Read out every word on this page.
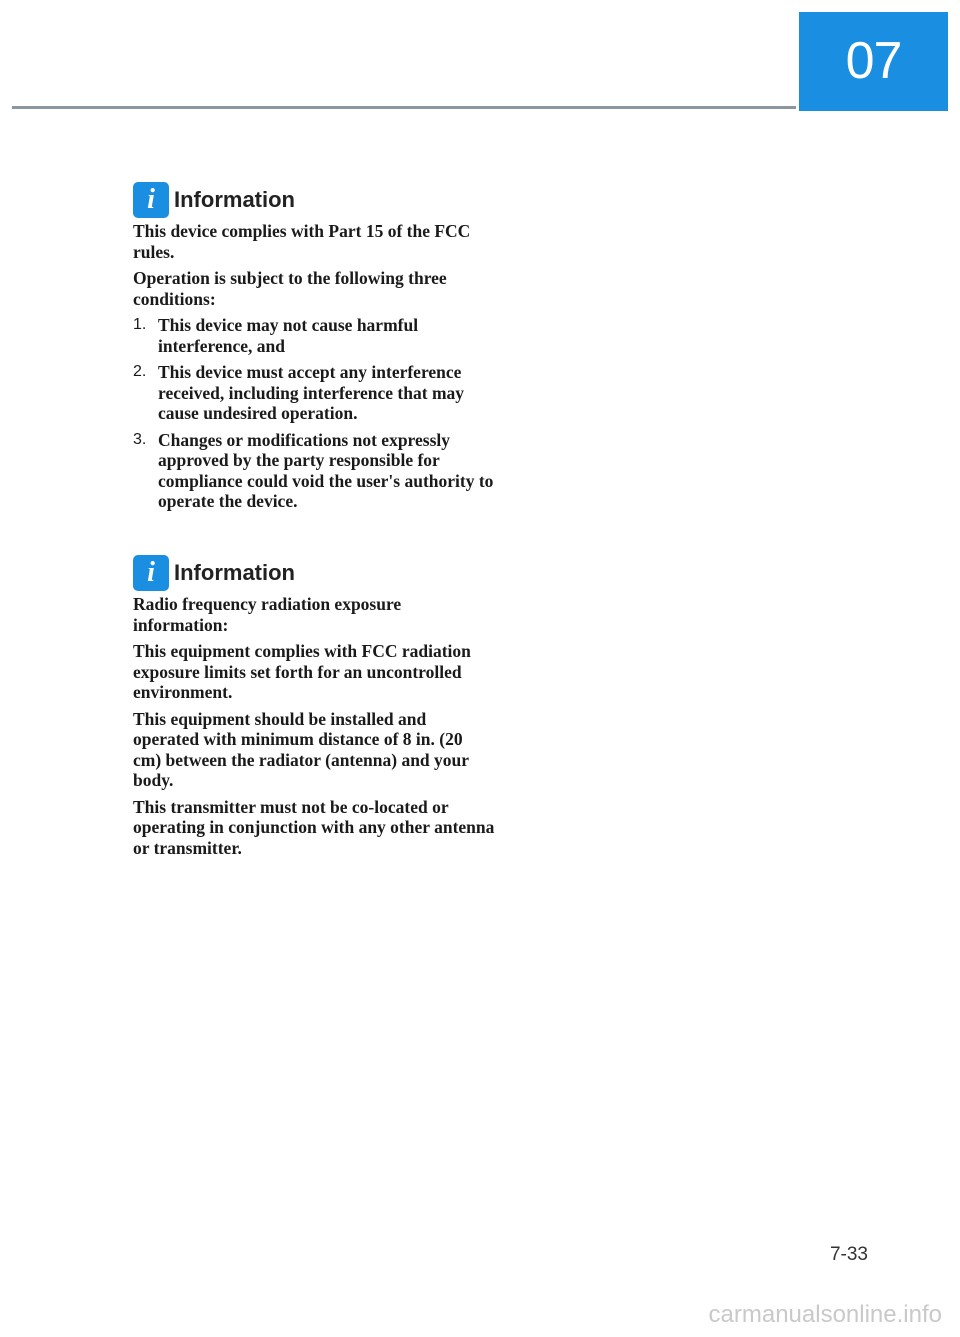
07
i Information

This device complies with Part 15 of the FCC rules.

Operation is subject to the following three conditions:

1. This device may not cause harmful interference, and
2. This device must accept any interference received, including interference that may cause undesired operation.
3. Changes or modifications not expressly approved by the party responsible for compliance could void the user's authority to operate the device.
i Information

Radio frequency radiation exposure information:

This equipment complies with FCC radiation exposure limits set forth for an uncontrolled environment.

This equipment should be installed and operated with minimum distance of 8 in. (20 cm) between the radiator (antenna) and your body.

This transmitter must not be co-located or operating in conjunction with any other antenna or transmitter.

7-33
carmanualsonline.info
